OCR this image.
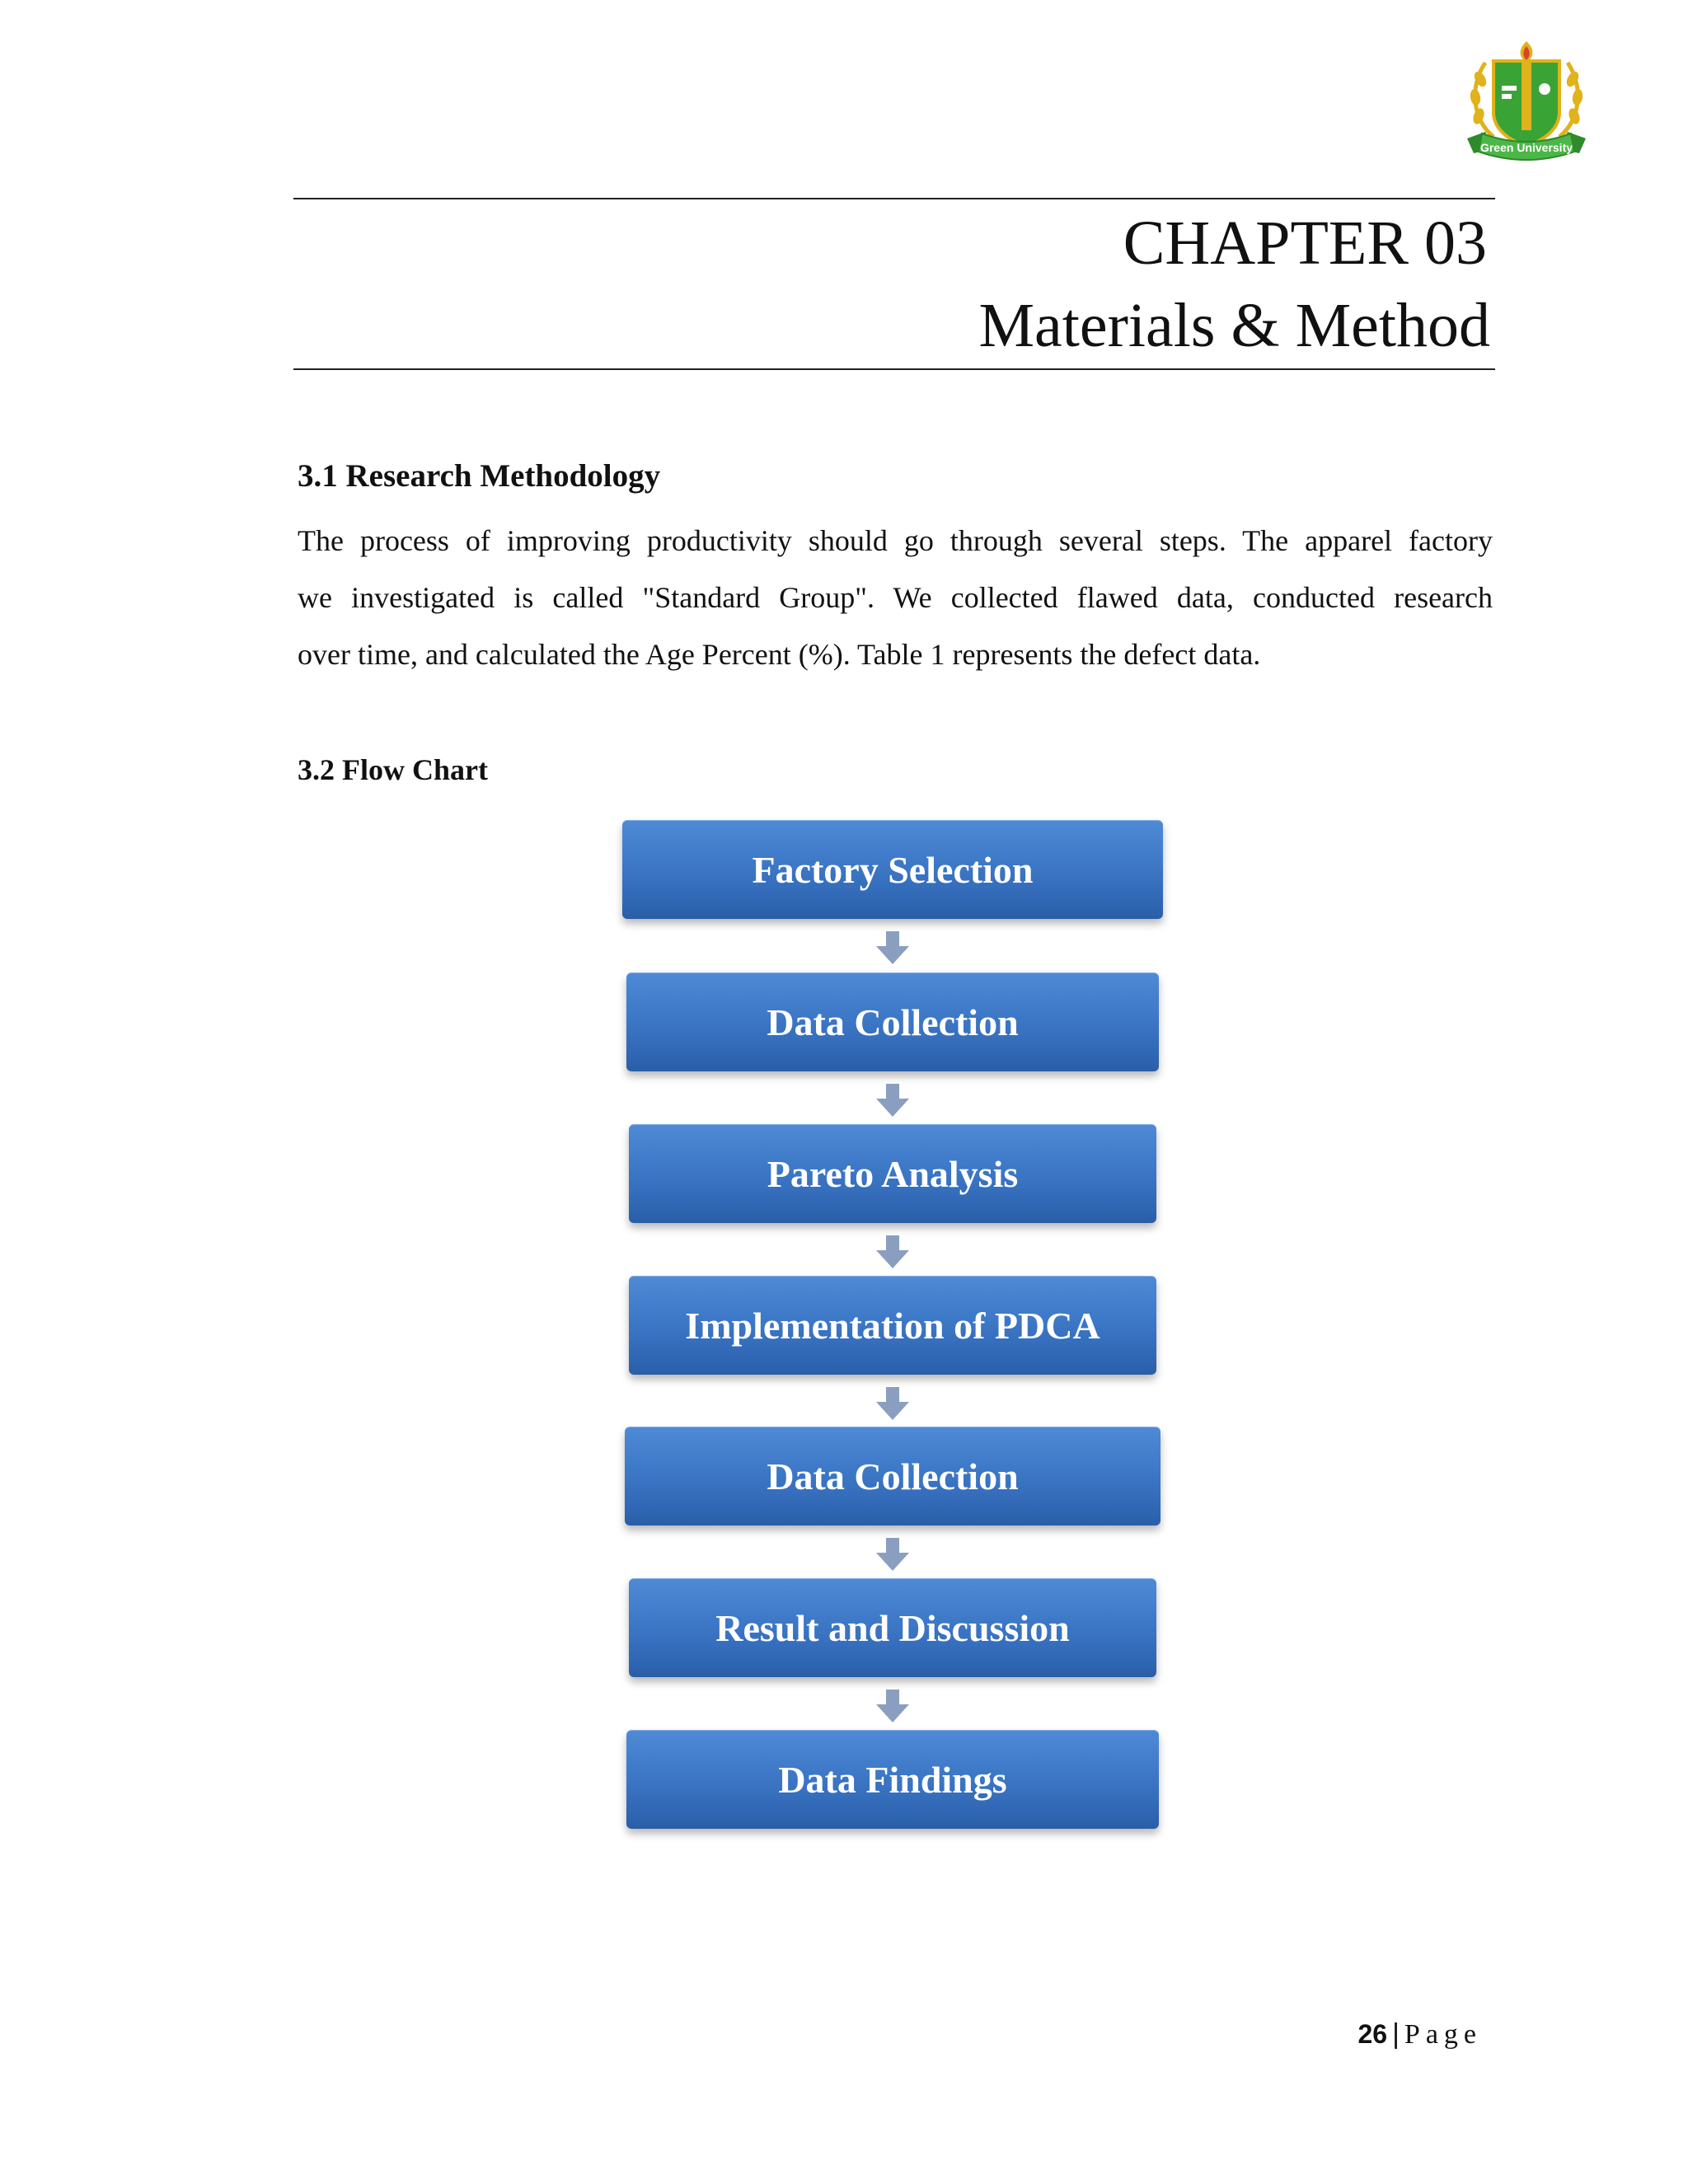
Green University
CHAPTER 03
Materials & Method
3.1 Research Methodology
The process of improving productivity should go through several steps. The apparel factory
we investigated is called "Standard Group". We collected flawed data, conducted research
over time, and calculated the Age Percent (%). Table 1 represents the defect data.
3.2 Flow Chart
Factory Selection
Data Collection
Pareto Analysis
Implementation of PDCA
Data Collection
Result and Discussion
Data Findings
26 | Page
